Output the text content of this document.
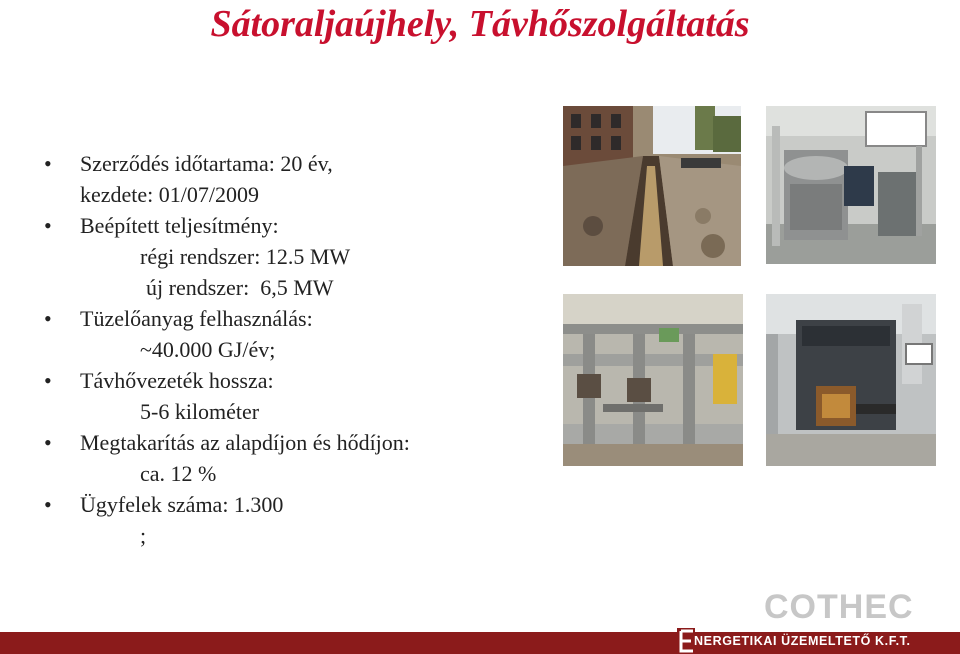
Sátoraljaújhely, Távhőszolgáltatás
• Szerződés időtartama: 20 év,
kezdete: 01/07/2009
• Beépített teljesítmény:
régi rendszer: 12.5 MW
új rendszer:  6,5 MW
• Tüzelőanyag felhasználás:
~40.000 GJ/év;
• Távhővezeték hossza:
5-6 kilométer
• Megtakarítás az alapdíjon és hődíjon:
ca. 12 %
• Ügyfelek száma: 1.300
;
COTHEC
NERGETIKAI ÜZEMELTETŐ K.F.T.
